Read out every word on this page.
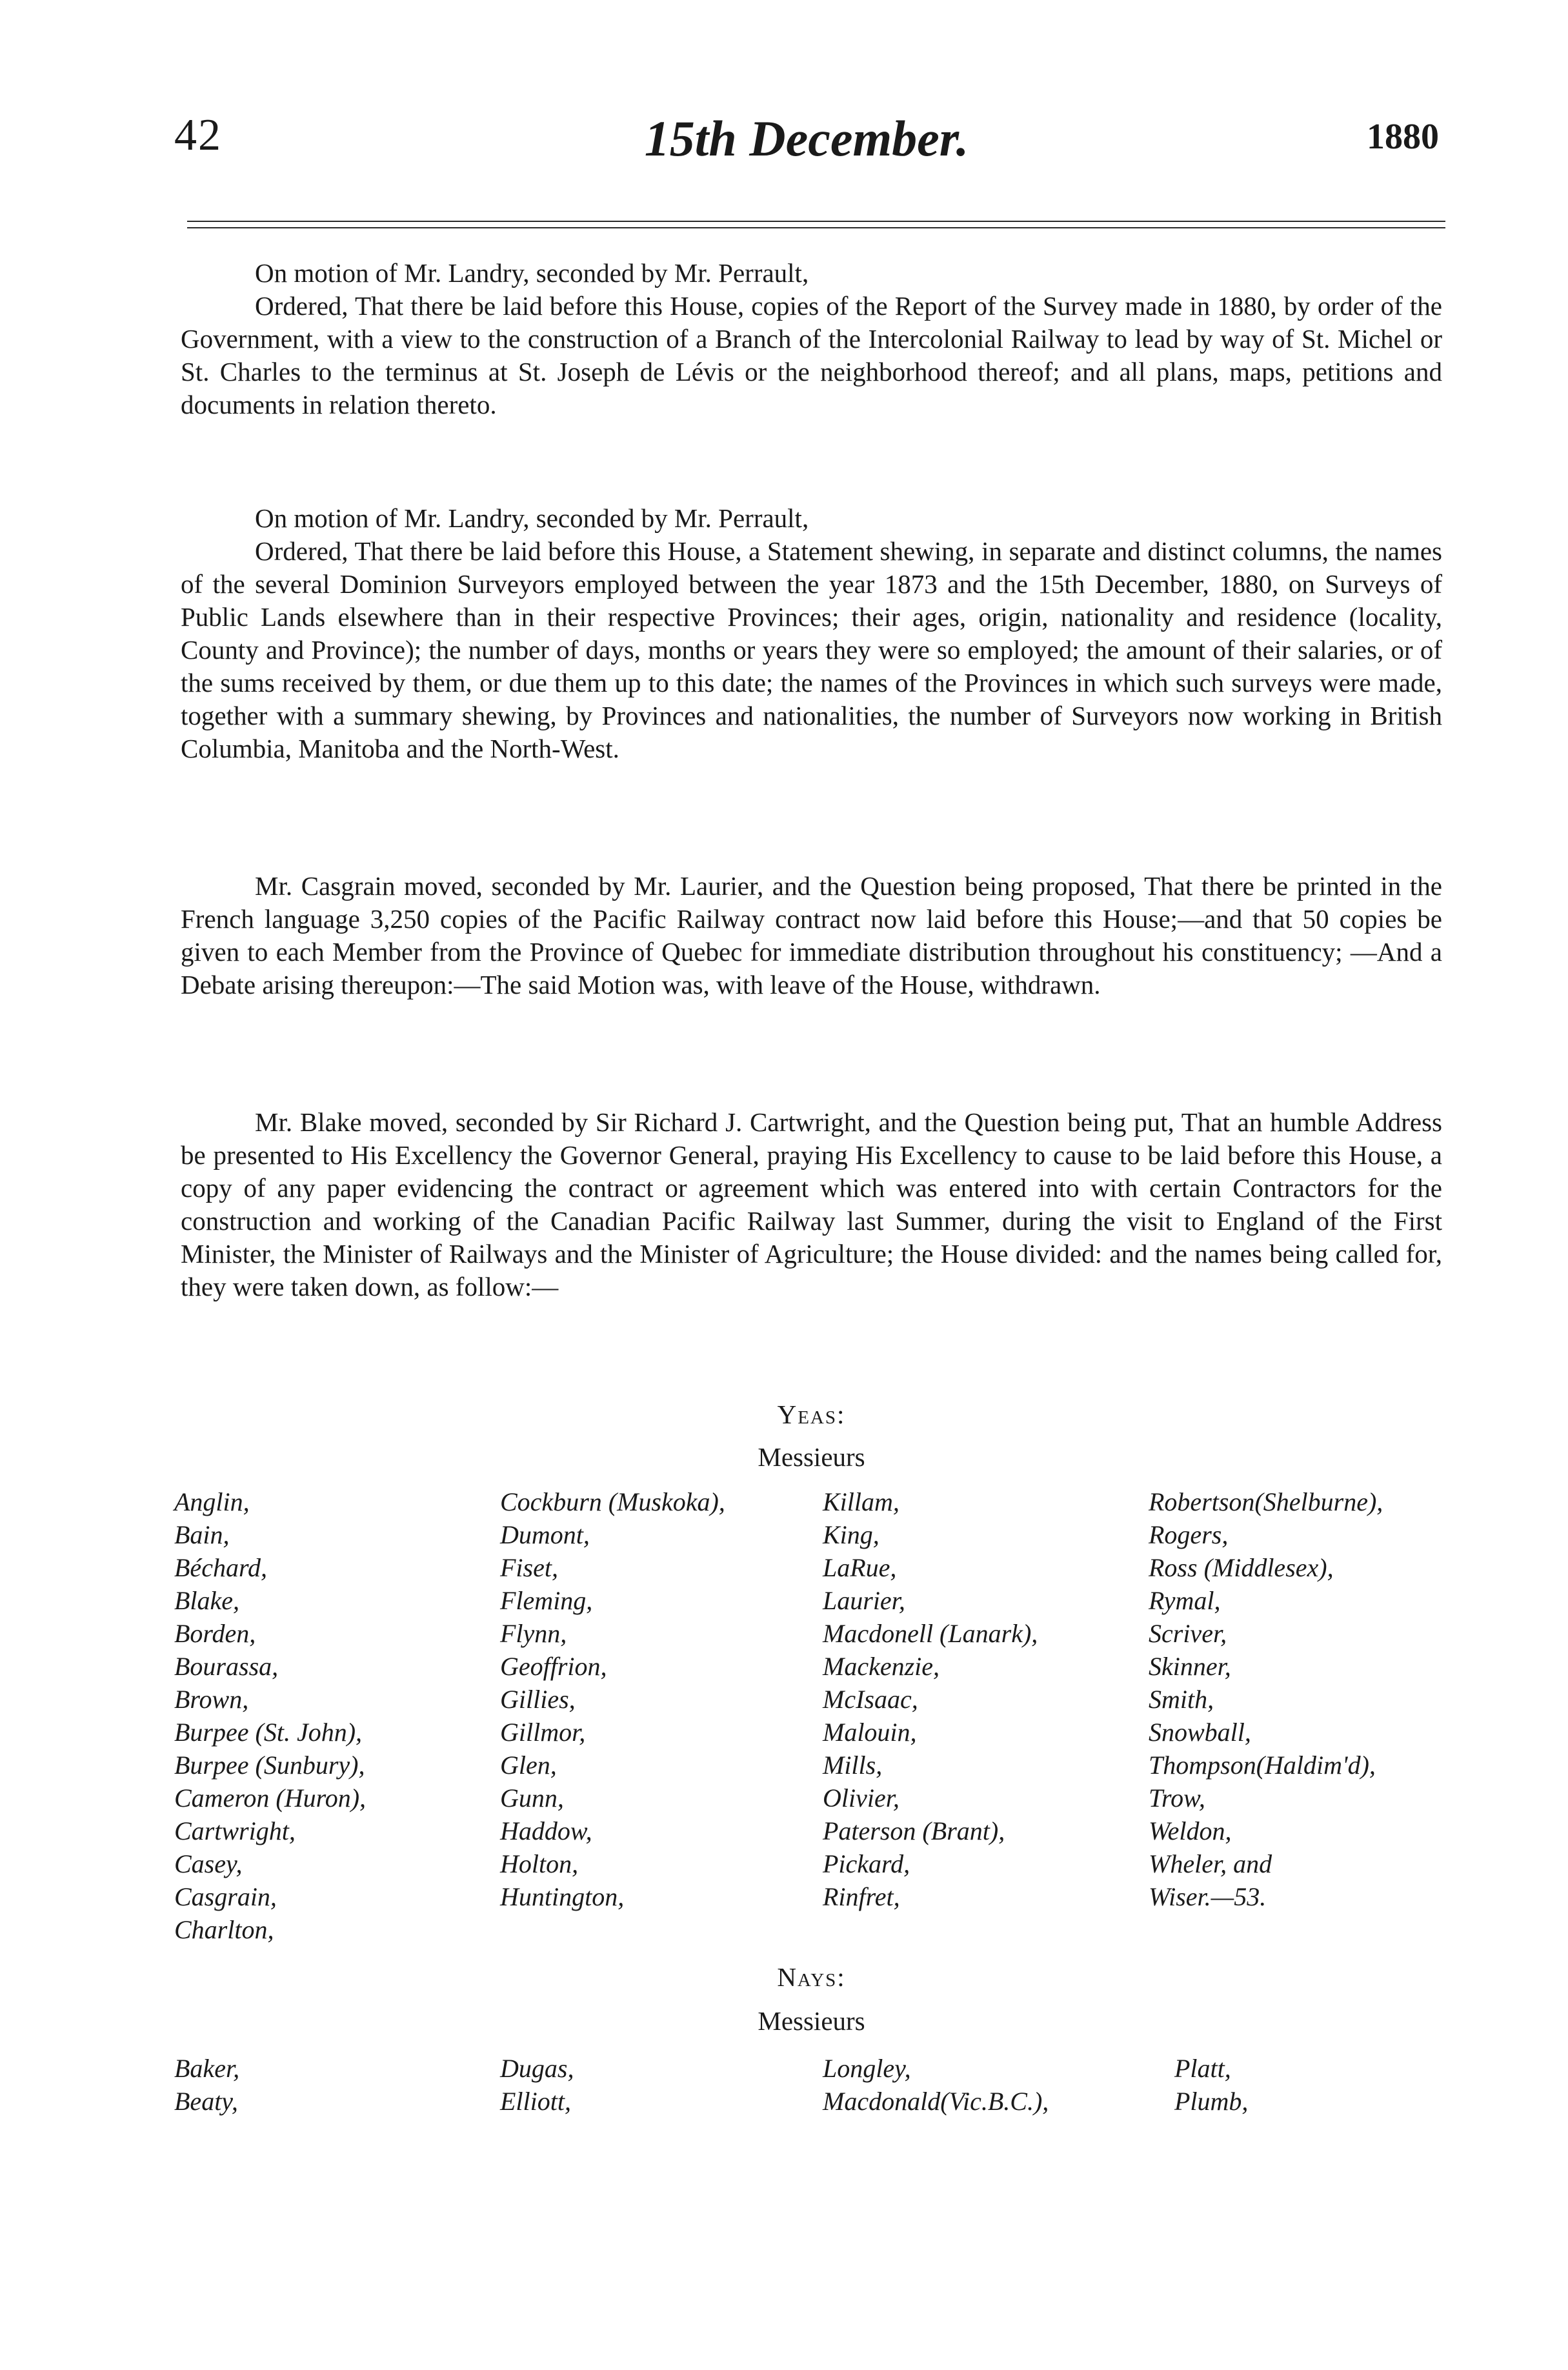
42	15th December.	1880

On motion of Mr. Landry, seconded by Mr. Perrault,

Ordered, That there be laid before this House, copies of the Report of the Survey made in 1880, by order of the Government, with a view to the construction of a Branch of the Intercolonial Railway to lead by way of St. Michel or St. Charles to the terminus at St. Joseph de Lévis or the neighborhood thereof; and all plans, maps, petitions and documents in relation thereto.

On motion of Mr. Landry, seconded by Mr. Perrault,

Ordered, That there be laid before this House, a Statement shewing, in separate and distinct columns, the names of the several Dominion Surveyors employed between the year 1873 and the 15th December, 1880, on Surveys of Public Lands elsewhere than in their respective Provinces; their ages, origin, nationality and residence (locality, County and Province); the number of days, months or years they were so employed; the amount of their salaries, or of the sums received by them, or due them up to this date; the names of the Provinces in which such surveys were made, together with a summary shewing, by Provinces and nationalities, the number of Surveyors now working in British Columbia, Manitoba and the North-West.

Mr. Casgrain moved, seconded by Mr. Laurier, and the Question being proposed, That there be printed in the French language 3,250 copies of the Pacific Railway contract now laid before this House;—and that 50 copies be given to each Member from the Province of Quebec for immediate distribution throughout his constituency; —And a Debate arising thereupon:—The said Motion was, with leave of the House, withdrawn.

Mr. Blake moved, seconded by Sir Richard J. Cartwright, and the Question being put, That an humble Address be presented to His Excellency the Governor General, praying His Excellency to cause to be laid before this House, a copy of any paper evidencing the contract or agreement which was entered into with certain Contractors for the construction and working of the Canadian Pacific Railway last Summer, during the visit to England of the First Minister, the Minister of Railways and the Minister of Agriculture; the House divided: and the names being called for, they were taken down, as follow:—

Yeas:
Messieurs
Anglin,
Bain,
Béchard,
Blake,
Borden,
Bourassa,
Brown,
Burpee (St. John),
Burpee (Sunbury),
Cameron (Huron),
Cartwright,
Casey,
Casgrain,
Charlton,
Cockburn (Muskoka),
Dumont,
Fiset,
Fleming,
Flynn,
Geoffrion,
Gillies,
Gillmor,
Glen,
Gunn,
Haddow,
Holton,
Huntington,
Killam,
King,
LaRue,
Laurier,
Macdonell (Lanark),
Mackenzie,
McIsaac,
Malouin,
Mills,
Olivier,
Paterson (Brant),
Pickard,
Rinfret,
Robertson(Shelburne),
Rogers,
Ross (Middlesex),
Rymal,
Scriver,
Skinner,
Smith,
Snowball,
Thompson(Haldim'd),
Trow,
Weldon,
Wheler, and
Wiser.—53.
Nays:
Messieurs
Baker,
Beaty,
Dugas,
Elliott,
Longley,
Macdonald(Vic.B.C.),
Platt,
Plumb,
